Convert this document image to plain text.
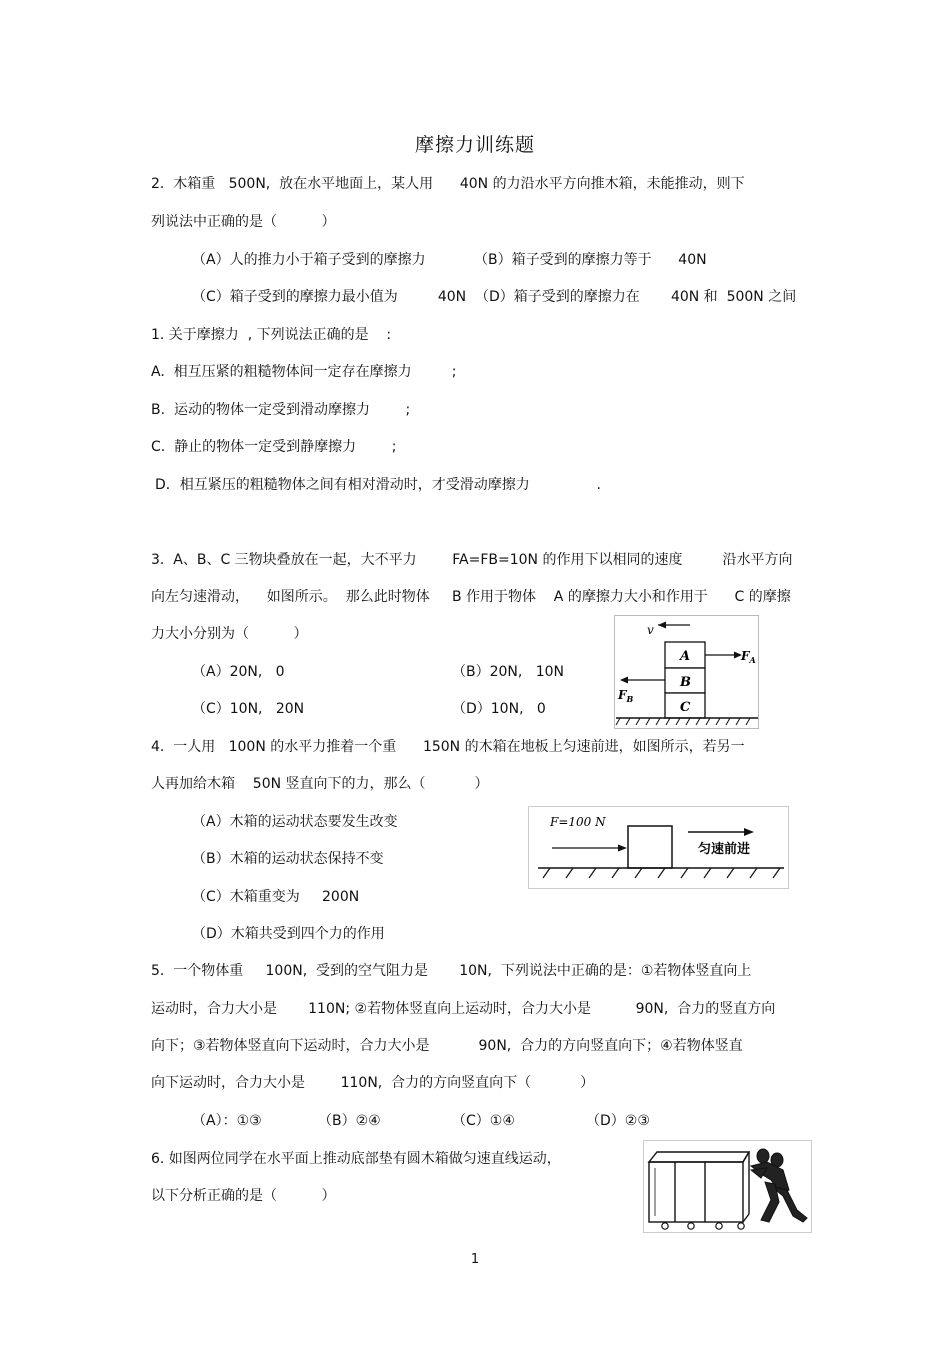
摩擦力训练题
2.  木箱重   500N,  放在水平地面上，某人用      40N 的力沿水平方向推木箱，未能推动，则下
列说法中正确的是（          ）
（A）人的推力小于箱子受到的摩擦力	（B）箱子受到的摩擦力等于      40N
（C）箱子受到的摩擦力最小值为         40N  （D）箱子受到的摩擦力在       40N 和  500N 之间
1. 关于摩擦力  , 下列说法正确的是    :
A.  相互压紧的粗糙物体间一定存在摩擦力         ;
B.  运动的物体一定受到滑动摩擦力        ;
C.  静止的物体一定受到静摩擦力        ;
D．相互紧压的粗糙物体之间有相对滑动时，才受滑动摩擦力               .
3.  A、B、C 三物块叠放在一起，大不平力        FA=FB=10N 的作用下以相同的速度         沿水平方向
向左匀速滑动，    如图所示。  那么此时物体     B 作用于物体    A 的摩擦力大小和作用于      C 的摩擦
力大小分别为（          ）
（A）20N,   0	（B）20N,   10N
（C）10N,   20N	（D）10N,   0
v
A
B
C
$F_A$
$F_B$
4.  一人用   100N 的水平力推着一个重      150N 的木箱在地板上匀速前进，如图所示，若另一
人再加给木箱    50N 竖直向下的力，那么（           ）
（A）木箱的运动状态要发生改变
（B）木箱的运动状态保持不变
（C）木箱重变为     200N
（D）木箱共受到四个力的作用
F=100 N
匀速前进
5.  一个物体重     100N,  受到的空气阻力是       10N,  下列说法中正确的是：①若物体竖直向上
运动时，合力大小是       110N; ②若物体竖直向上运动时，合力大小是          90N,  合力的竖直方向
向下；③若物体竖直向下运动时，合力大小是           90N,  合力的方向竖直向下；④若物体竖直
向下运动时，合力大小是        110N,  合力的方向竖直向下（           ）
（A）：①③	（B）②④	（C）①④	（D）②③
6. 如图两位同学在水平面上推动底部垫有圆木箱做匀速直线运动，
以下分析正确的是（          ）
1
